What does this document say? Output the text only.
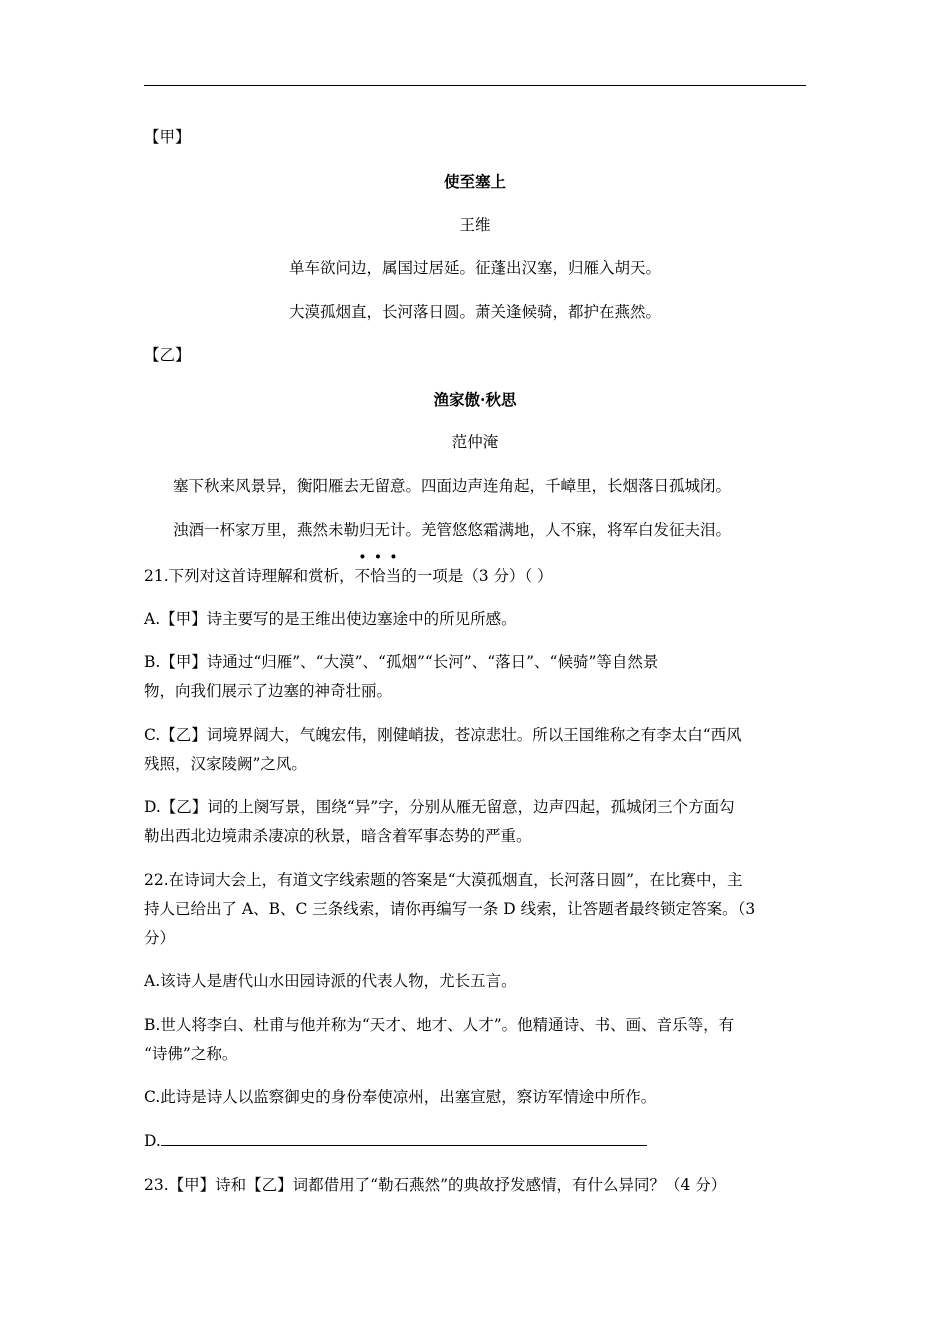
【甲】
使至塞上
王维
单车欲问边，属国过居延。征蓬出汉塞，归雁入胡天。
大漠孤烟直，长河落日圆。萧关逢候骑，都护在燕然。
【乙】
渔家傲·秋思
范仲淹
塞下秋来风景异，衡阳雁去无留意。四面边声连角起，千嶂里，长烟落日孤城闭。
浊酒一杯家万里，燕然未勒归无计。羌管悠悠霜满地，人不寐，将军白发征夫泪。
21.下列对这首诗理解和赏析，不恰当的一项是（3 分）（ ）
A.【甲】诗主要写的是王维出使边塞途中的所见所感。
B.【甲】诗通过“归雁”、“大漠”、“孤烟”“长河”、“落日”、“候骑”等自然景
物，向我们展示了边塞的神奇壮丽。
C.【乙】词境界阔大，气魄宏伟，刚健峭拔，苍凉悲壮。所以王国维称之有李太白“西风
残照，汉家陵阙”之风。
D.【乙】词的上阕写景，围绕“异”字，分别从雁无留意，边声四起，孤城闭三个方面勾
勒出西北边境肃杀凄凉的秋景，暗含着军事态势的严重。
22.在诗词大会上，有道文字线索题的答案是“大漠孤烟直，长河落日圆”，在比赛中，主
持人已给出了 A、B、C 三条线索，请你再编写一条 D 线索，让答题者最终锁定答案。（3
分）
A.该诗人是唐代山水田园诗派的代表人物，尤长五言。
B.世人将李白、杜甫与他并称为“天才、地才、人才”。他精通诗、书、画、音乐等，有
“诗佛”之称。
C.此诗是诗人以监察御史的身份奉使凉州，出塞宣慰，察访军情途中所作。
D.
23.【甲】诗和【乙】词都借用了“勒石燕然”的典故抒发感情，有什么异同？（4 分）
